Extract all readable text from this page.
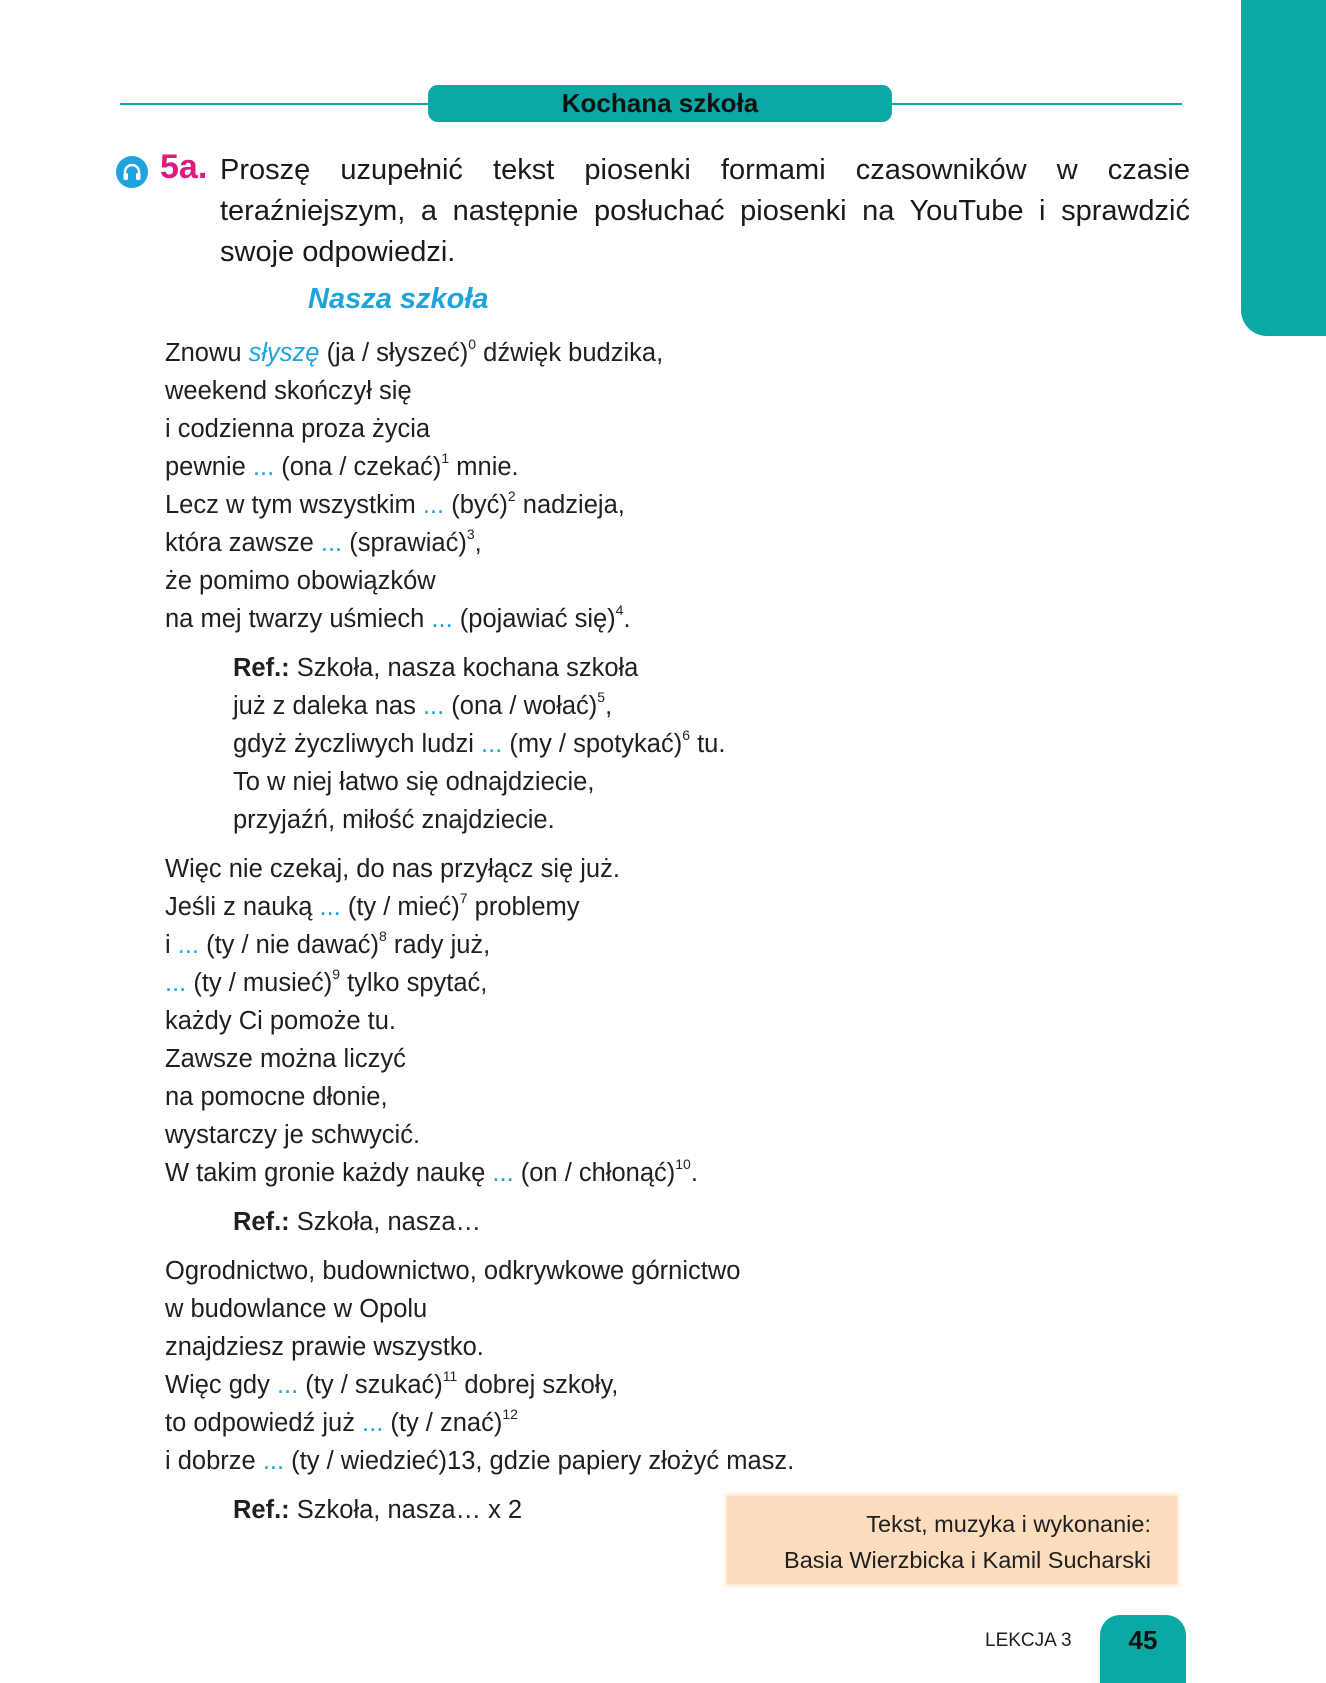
Kochana szkoła
5a. Proszę uzupełnić tekst piosenki formami czasowników w czasie teraźniejszym, a następnie posłuchać piosenki na YouTube i sprawdzić swoje odpowiedzi.
Nasza szkoła
Znowu słyszę (ja / słyszeć)$^0$ dźwięk budzika,
weekend skończył się
i codzienna proza życia
pewnie ... (ona / czekać)$^1$ mnie.
Lecz w tym wszystkim ... (być)$^2$ nadzieja,
która zawsze ... (sprawiać)$^3$,
że pomimo obowiązków
na mej twarzy uśmiech ... (pojawiać się)$^4$.
Ref.: Szkoła, nasza kochana szkoła
już z daleka nas ... (ona / wołać)$^5$,
gdyż życzliwych ludzi ... (my / spotykać)$^6$ tu.
To w niej łatwo się odnajdziecie,
przyjaźń, miłość znajdziecie.
Więc nie czekaj, do nas przyłącz się już.
Jeśli z nauką ... (ty / mieć)$^7$ problemy
i ... (ty / nie dawać)$^8$ rady już,
... (ty / musieć)$^9$ tylko spytać,
każdy Ci pomoże tu.
Zawsze można liczyć
na pomocne dłonie,
wystarczy je schwycić.
W takim gronie każdy naukę ... (on / chłonąć)$^{10}$.
Ref.: Szkoła, nasza…
Ogrodnictwo, budownictwo, odkrywkowe górnictwo
w budowlance w Opolu
znajdziesz prawie wszystko.
Więc gdy ... (ty / szukać)$^{11}$ dobrej szkoły,
to odpowiedź już ... (ty / znać)$^{12}$
i dobrze ... (ty / wiedzieć)13, gdzie papiery złożyć masz.
Ref.: Szkoła, nasza… x 2	Tekst, muzyka i wykonanie:
Basia Wierzbicka i Kamil Sucharski
LEKCJA 3	45
